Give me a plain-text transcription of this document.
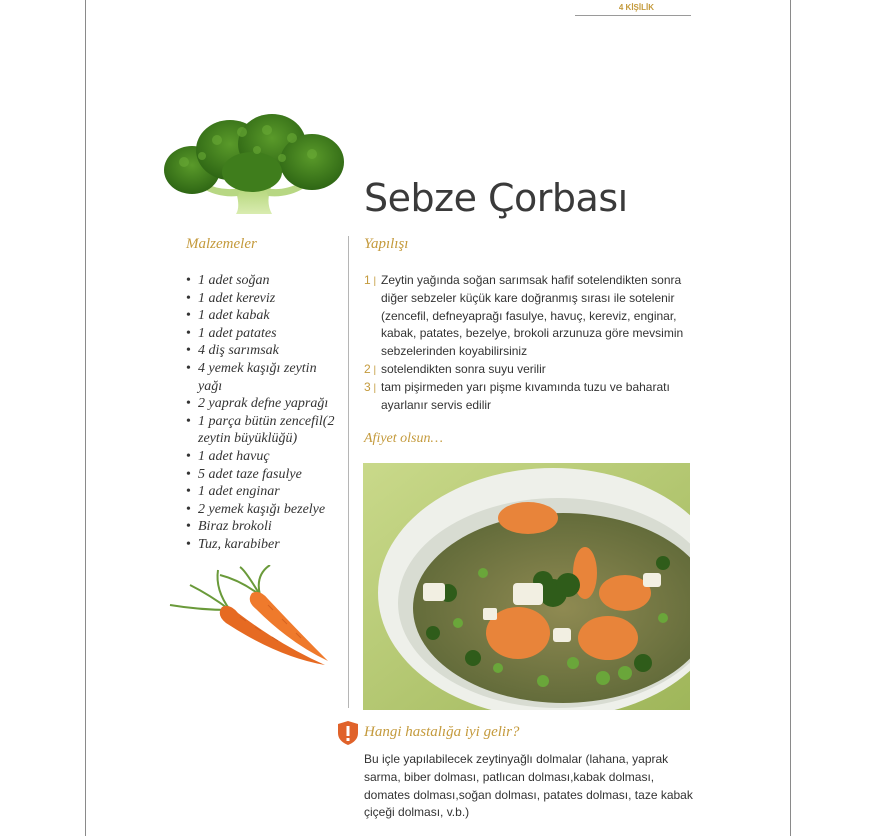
4 KİŞİLİK
Sebze Çorbası
Malzemeler	Yapılışı
• 1 adet soğan
• 1 adet kereviz
• 1 adet kabak
• 1 adet patates
• 4 diş sarımsak
• 4 yemek kaşığı zeytin yağı
• 2 yaprak defne yaprağı
• 1 parça bütün zencefil(2 zeytin büyüklüğü)
• 1 adet havuç
• 5 adet taze fasulye
• 1 adet enginar
• 2 yemek kaşığı bezelye
• Biraz brokoli
• Tuz, karabiber
1 | Zeytin yağında soğan sarımsak hafif sotelendikten sonra diğer sebzeler küçük kare doğranmış sırası ile sotelenir (zencefil, defneyaprağı fasulye, havuç, kereviz, enginar, kabak, patates, bezelye, brokoli arzunuza göre mevsimin sebzelerinden koyabilirsiniz
2 | sotelendikten sonra suyu verilir
3 | tam pişirmeden yarı pişme kıvamında tuzu ve baharatı ayarlanır servis edilir
Afiyet olsun…
Hangi hastalığa iyi gelir?
Bu içle yapılabilecek zeytinyağlı dolmalar (lahana, yaprak sarma, biber dolması, patlıcan dolması,kabak dolması, domates dolması,soğan dolması, patates dolması, taze kabak çiçeği dolması, v.b.)
